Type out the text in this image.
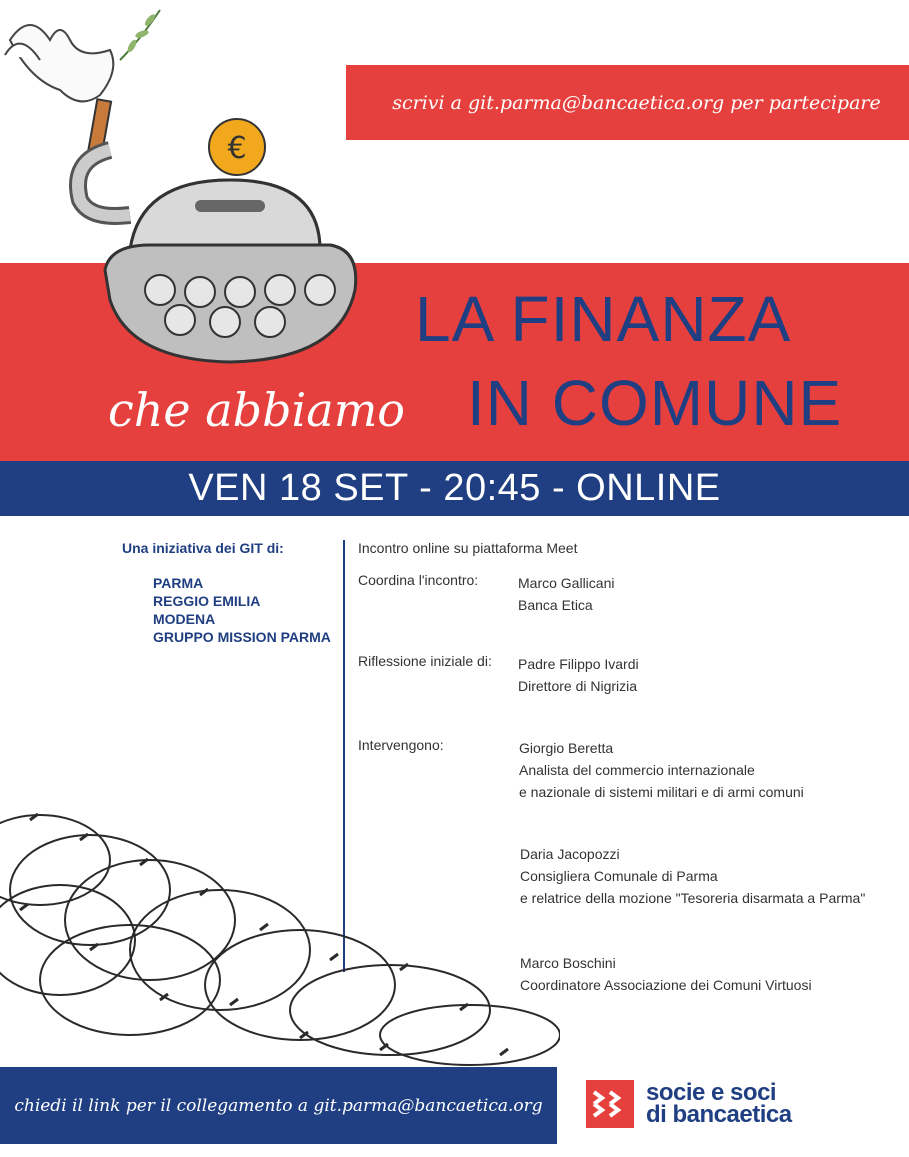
€
scrivi a git.parma@bancaetica.org per partecipare
LA FINANZA
che abbiamo IN COMUNE
VEN 18 SET - 20:45 - ONLINE
Una iniziativa dei GIT di:
PARMA
REGGIO EMILIA
MODENA
GRUPPO MISSION PARMA
Incontro online su piattaforma Meet
Coordina l'incontro:	Marco Gallicani
Banca Etica
Riflessione iniziale di: Padre Filippo Ivardi
Direttore di Nigrizia
Intervengono:	Giorgio Beretta
Analista del commercio internazionale
e nazionale di sistemi militari e di armi comuni
Daria Jacopozzi
Consigliera Comunale di Parma
e relatrice della mozione "Tesoreria disarmata a Parma"
Marco Boschini
Coordinatore Associazione dei Comuni Virtuosi
chiedi il link per il collegamento a git.parma@bancaetica.org	socie e soci
di bancaetica
